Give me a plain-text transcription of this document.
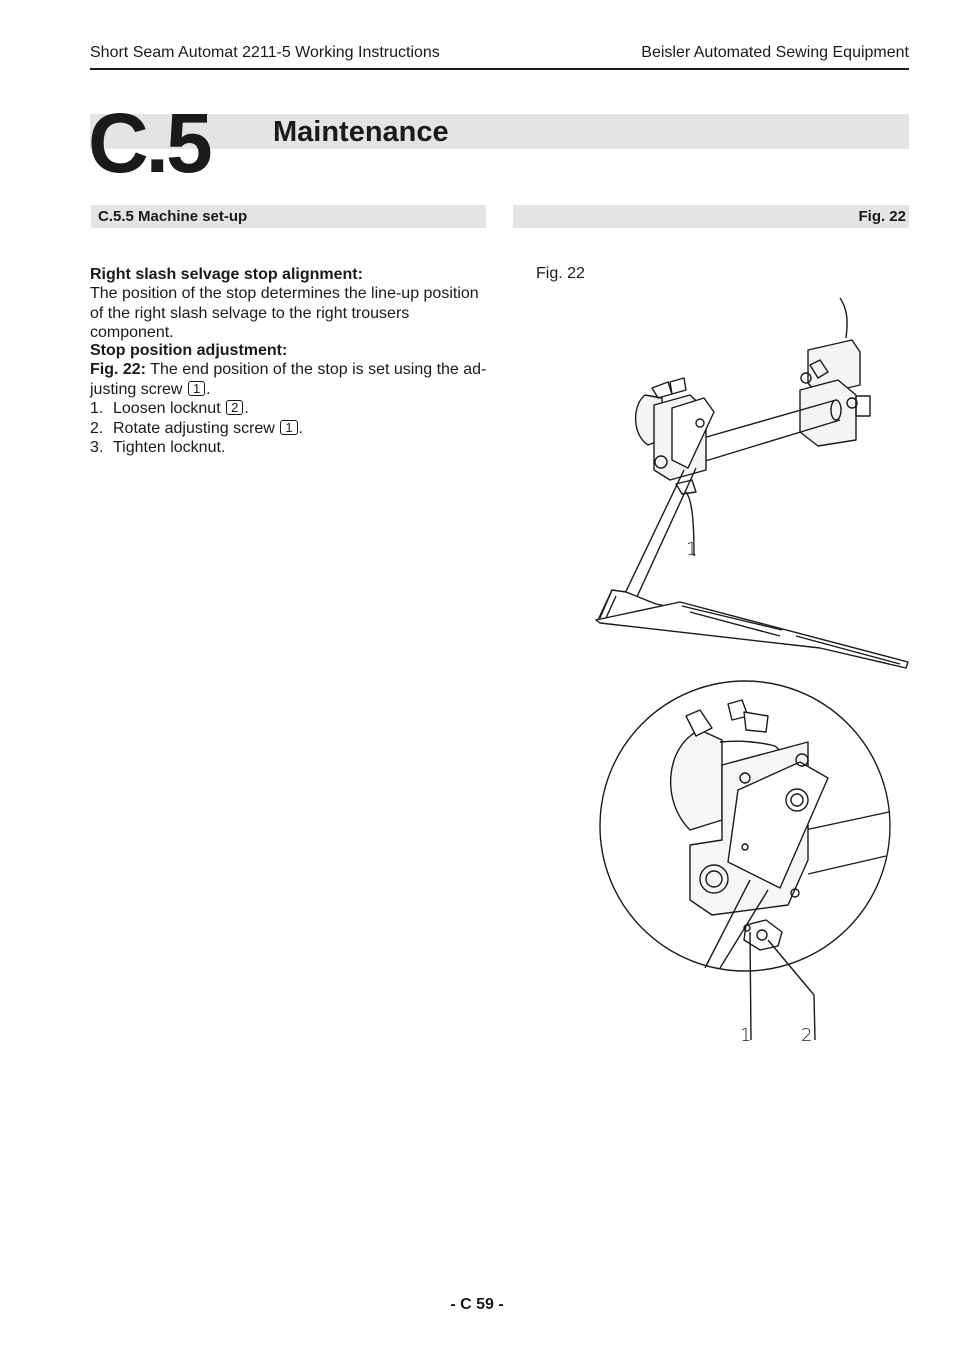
Short Seam Automat 2211-5 Working Instructions	Beisler Automated Sewing Equipment
C.5 Maintenance
C.5.5 Machine set-up	Fig. 22

Right slash selvage stop alignment:

The position of the stop determines the line-up position of the right slash selvage to the right trousers component.

Stop position adjustment:

Fig. 22: The end position of the stop is set using the ad-justing screw 1 .

1. Loosen locknut 2 .
2. Rotate adjusting screw 1 .
3. Tighten locknut.
Fig. 22
1
1	2
- C 59 -
